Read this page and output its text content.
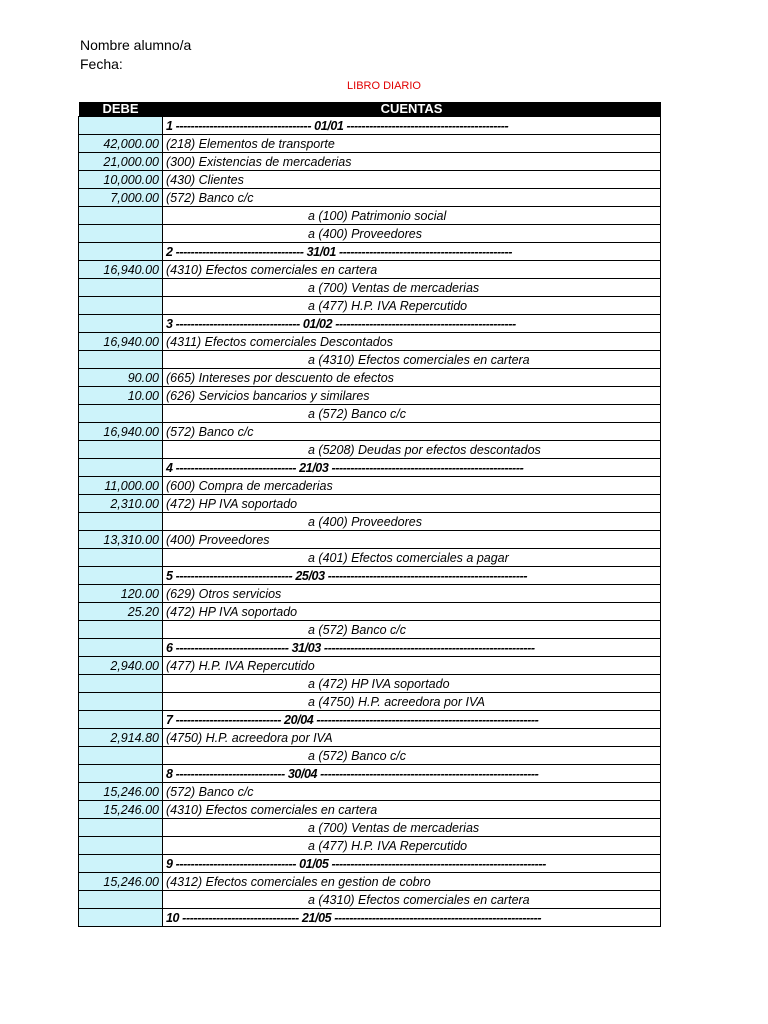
Nombre alumno/a
Fecha:
LIBRO DIARIO
DEBE	CUENTAS
	1 ------------------------------------ 01/01 -------------------------------------------
42,000.00	(218) Elementos de transporte
21,000.00	(300) Existencias de mercaderias
10,000.00	(430) Clientes
7,000.00	(572) Banco c/c
	a (100) Patrimonio social
	a (400) Proveedores
	2 ---------------------------------- 31/01 ----------------------------------------------
16,940.00	(4310) Efectos comerciales en cartera
	a (700) Ventas de mercaderias
	a (477) H.P. IVA Repercutido
	3 --------------------------------- 01/02 ------------------------------------------------
16,940.00	(4311) Efectos comerciales Descontados
	a (4310) Efectos comerciales en cartera
90.00	(665) Intereses por descuento de efectos
10.00	(626) Servicios bancarios y similares
	a (572) Banco c/c
16,940.00	(572) Banco c/c
	a (5208) Deudas por efectos descontados
	4 -------------------------------- 21/03 ---------------------------------------------------
11,000.00	(600) Compra de mercaderias
2,310.00	(472) HP IVA soportado
	a (400) Proveedores
13,310.00	(400) Proveedores
	a (401) Efectos comerciales a pagar
	5 ------------------------------- 25/03 -----------------------------------------------------
120.00	(629) Otros servicios
25.20	(472) HP IVA soportado
	a (572) Banco c/c
	6 ------------------------------ 31/03 --------------------------------------------------------
2,940.00	(477) H.P. IVA Repercutido
	a (472) HP IVA soportado
	a (4750) H.P. acreedora por IVA
	7 ---------------------------- 20/04 -----------------------------------------------------------
2,914.80	(4750) H.P. acreedora por IVA
	a (572) Banco c/c
	8 ----------------------------- 30/04 ----------------------------------------------------------
15,246.00	(572) Banco c/c
15,246.00	(4310) Efectos comerciales en cartera
	a (700) Ventas de mercaderias
	a (477) H.P. IVA Repercutido
	9 -------------------------------- 01/05 ---------------------------------------------------------
15,246.00	(4312) Efectos comerciales en gestion de cobro
	a (4310) Efectos comerciales en cartera
	10 ------------------------------- 21/05 -------------------------------------------------------
